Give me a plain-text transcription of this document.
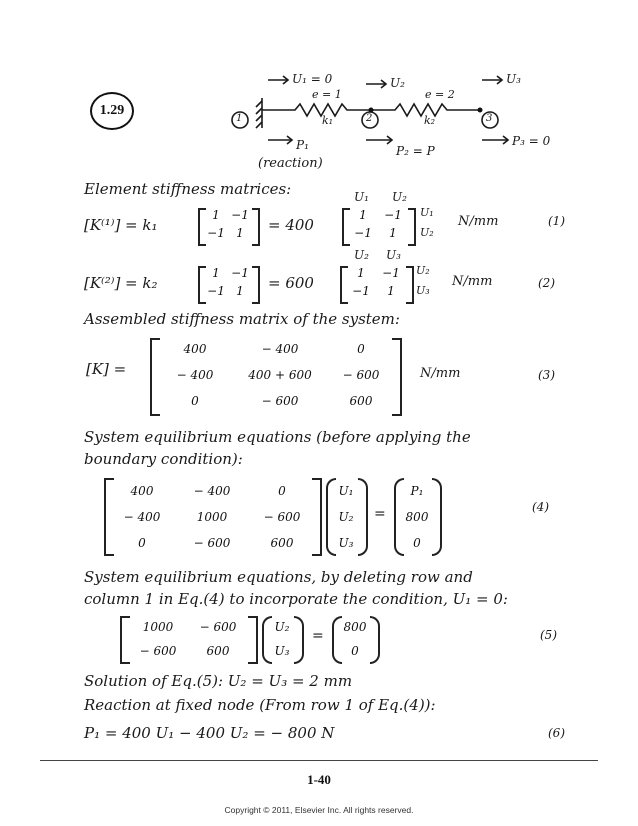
1.29
U₁ = 0	U₂	U₃
e = 1	e = 2
k₁	k₂
1	2	3
P₁	P₂ = P
P₃ = 0
(reaction)
Element stiffness matrices:	U₁ U₂
[K⁽¹⁾] = k₁
1 −1
−1 1	= 400
1	−1
−1	1
U₁
U₂
N/mm	(1)
U₂ U₃
[K⁽²⁾] = k₂
1 −1
−1 1	= 600
1	−1
−1	1
U₂
U₃
N/mm	(2)
Assembled stiffness matrix of the system:
[K] =
400	− 400	0
− 400	400 + 600	− 600
0	− 600	600
N/mm	(3)
System equilibrium equations (before applying the
boundary condition):
400	− 400	0
− 400	1000	− 600
0	− 600	600
U₁
U₂
U₃
=
P₁
800
0
(4)
System equilibrium equations, by deleting row and
column 1 in Eq.(4) to incorporate the condition, U₁ = 0:
1000	− 600
− 600	600
U₂
U₃
=
800
0
(5)
Solution of Eq.(5): U₂ = U₃ = 2 mm
Reaction at fixed node (From row 1 of Eq.(4)):
P₁ = 400 U₁ − 400 U₂ = − 800 N	(6)
1-40
Copyright © 2011, Elsevier Inc. All rights reserved.
